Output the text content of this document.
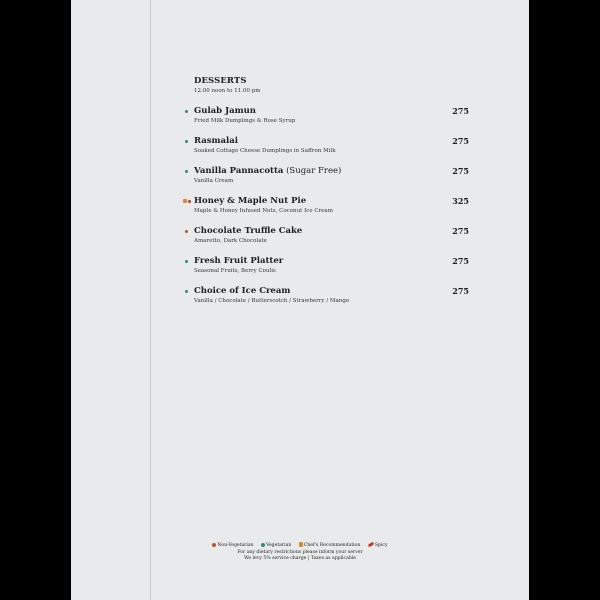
DESSERTS
12.00 noon to 11.00 pm
Gulab Jamun
Fried Milk Dumplings & Rose Syrup
275
Rasmalai
Soaked Cottage Cheese Dumplings in Saffron Milk
275
Vanilla Pannacotta (Sugar Free)
Vanilla Cream
275
Honey & Maple Nut Pie
Maple & Honey Infused Nuts, Coconut Ice Cream
325
Chocolate Truffle Cake
Amaretto, Dark Chocolate
275
Fresh Fruit Platter
Seasonal Fruits, Berry Coulis
275
Choice of Ice Cream
Vanilla / Chocolate / Butterscotch / Strawberry / Mango
275
Non-Vegetarian	Vegetarian	Chef's Recommendation	Spicy
For any dietary restrictions please inform your server
We levy 5% service charge | Taxes as applicable
